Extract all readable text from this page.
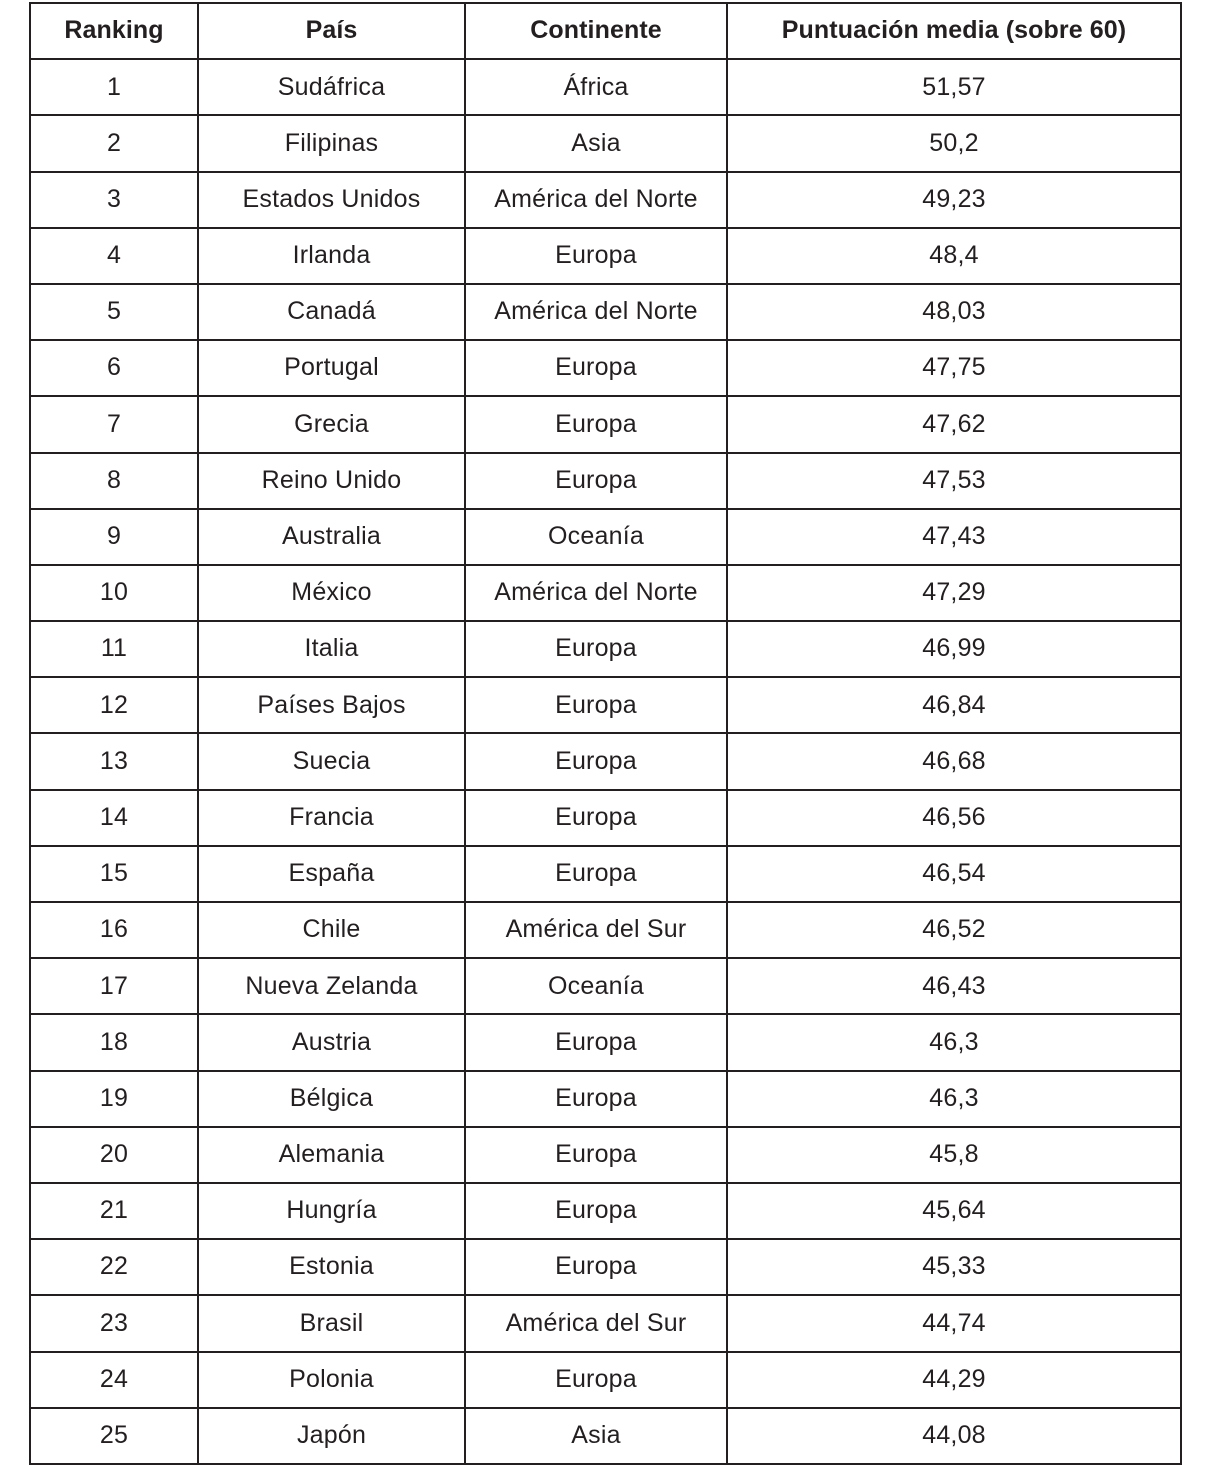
Ranking	País	Continente	Puntuación media (sobre 60)
1	Sudáfrica	África	51,57
2	Filipinas	Asia	50,2
3	Estados Unidos	América del Norte	49,23
4	Irlanda	Europa	48,4
5	Canadá	América del Norte	48,03
6	Portugal	Europa	47,75
7	Grecia	Europa	47,62
8	Reino Unido	Europa	47,53
9	Australia	Oceanía	47,43
10	México	América del Norte	47,29
11	Italia	Europa	46,99
12	Países Bajos	Europa	46,84
13	Suecia	Europa	46,68
14	Francia	Europa	46,56
15	España	Europa	46,54
16	Chile	América del Sur	46,52
17	Nueva Zelanda	Oceanía	46,43
18	Austria	Europa	46,3
19	Bélgica	Europa	46,3
20	Alemania	Europa	45,8
21	Hungría	Europa	45,64
22	Estonia	Europa	45,33
23	Brasil	América del Sur	44,74
24	Polonia	Europa	44,29
25	Japón	Asia	44,08
